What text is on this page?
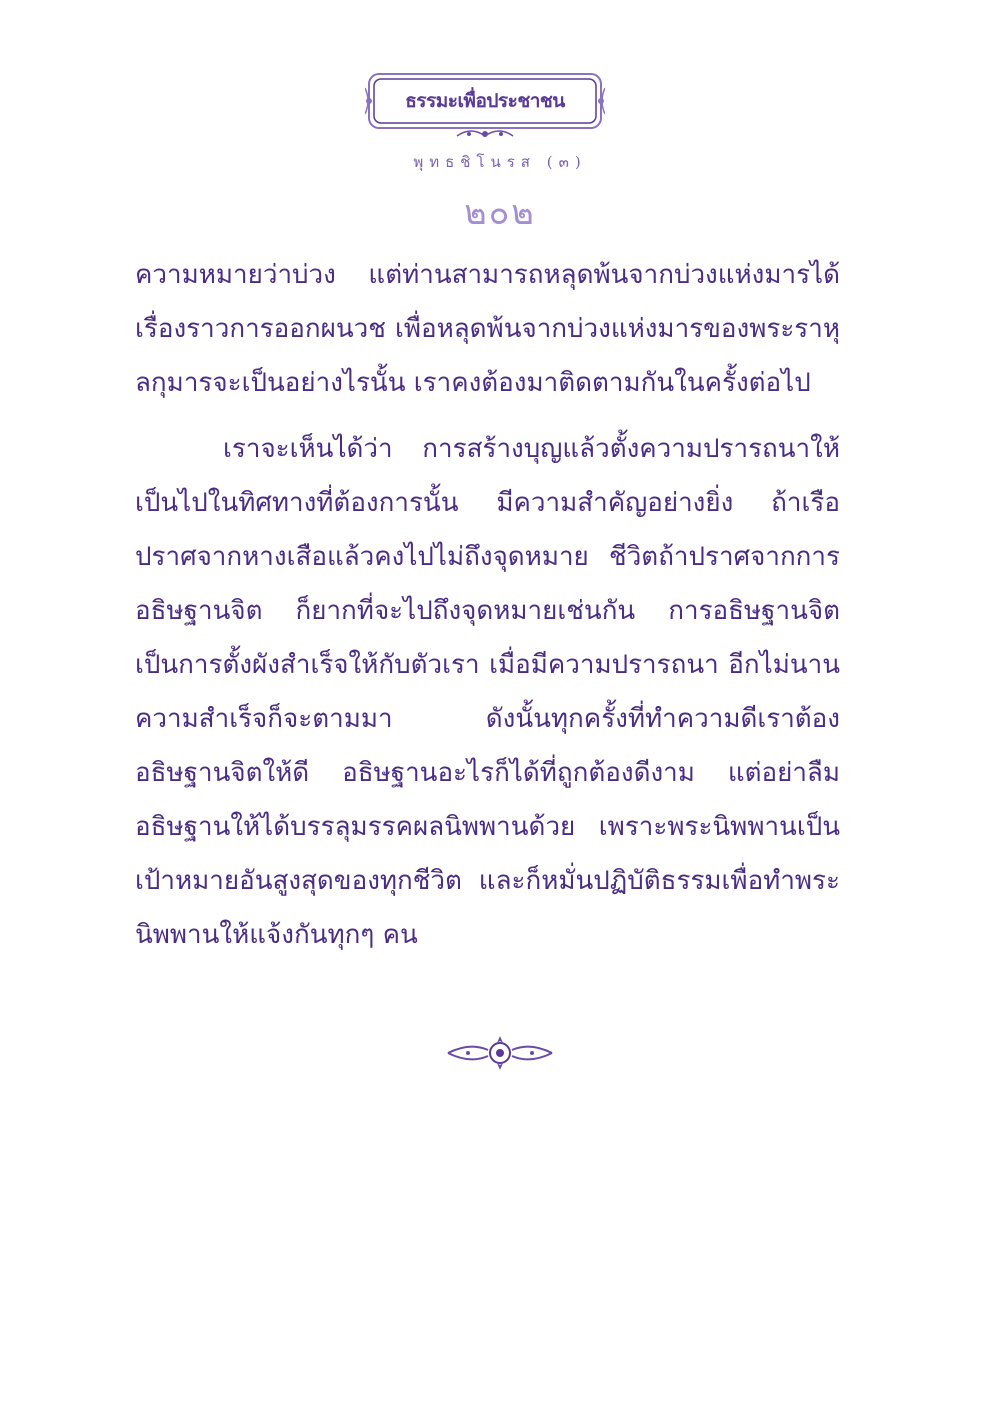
ธรรมะเพื่อประชาชน
พุทธชิโนรส (๓)
๒๐๒

ความหมายว่าบ่วง แต่ท่านสามารถหลุดพ้นจากบ่วงแห่งมารได้ เรื่องราวการออกผนวช เพื่อหลุดพ้นจากบ่วงแห่งมารของพระราหุลกุมารจะเป็นอย่างไรนั้น เราคงต้องมาติดตามกันในครั้งต่อไป

เราจะเห็นได้ว่า การสร้างบุญแล้วตั้งความปรารถนาให้เป็นไปในทิศทางที่ต้องการนั้น มีความสำคัญอย่างยิ่ง ถ้าเรือปราศจากหางเสือแล้วคงไปไม่ถึงจุดหมาย ชีวิตถ้าปราศจากการอธิษฐานจิต ก็ยากที่จะไปถึงจุดหมายเช่นกัน การอธิษฐานจิตเป็นการตั้งผังสำเร็จให้กับตัวเรา เมื่อมีความปรารถนา อีกไม่นานความสำเร็จก็จะตามมา ดังนั้นทุกครั้งที่ทำความดีเราต้องอธิษฐานจิตให้ดี อธิษฐานอะไรก็ได้ที่ถูกต้องดีงาม แต่อย่าลืมอธิษฐานให้ได้บรรลุมรรคผลนิพพานด้วย เพราะพระนิพพานเป็นเป้าหมายอันสูงสุดของทุกชีวิต และก็หมั่นปฏิบัติธรรมเพื่อทำพระนิพพานให้แจ้งกันทุกๆ คน
